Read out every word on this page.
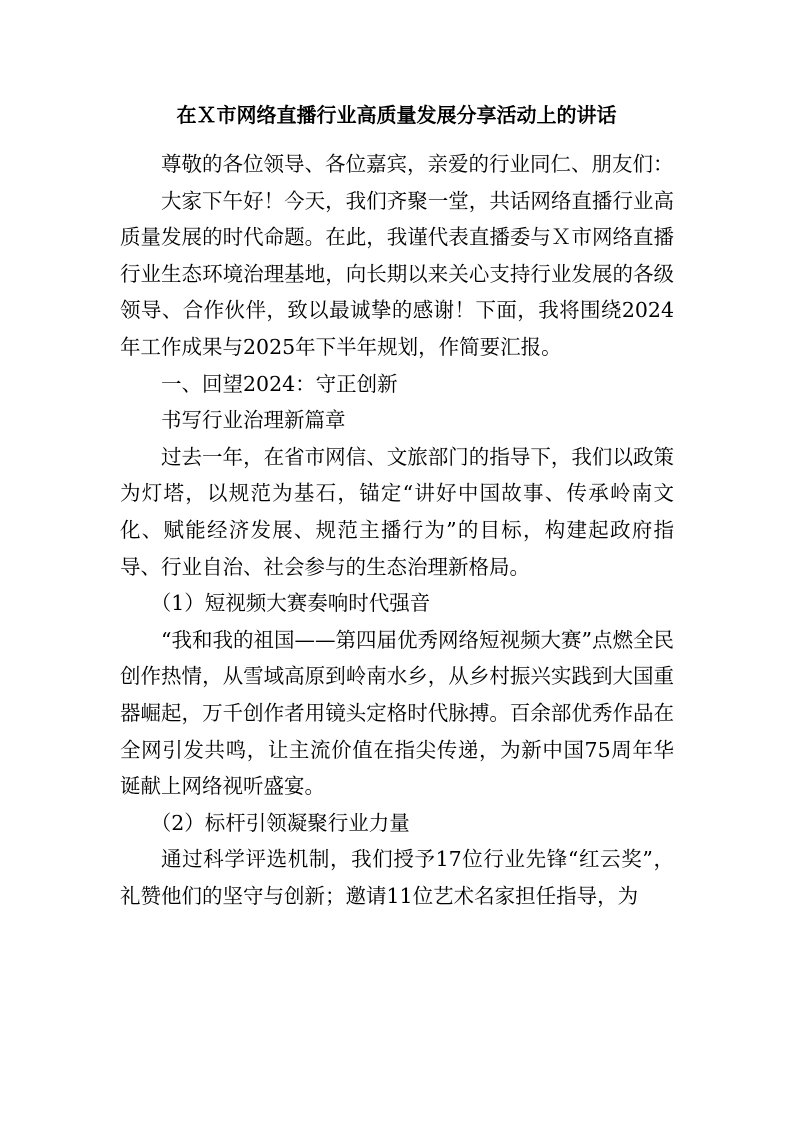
在Ｘ市网络直播行业高质量发展分享活动上的讲话

尊敬的各位领导、各位嘉宾，亲爱的行业同仁、朋友们：

大家下午好！今天，我们齐聚一堂，共话网络直播行业高质量发展的时代命题。在此，我谨代表直播委与Ｘ市网络直播行业生态环境治理基地，向长期以来关心支持行业发展的各级领导、合作伙伴，致以最诚挚的感谢！下面，我将围绕2024年工作成果与2025年下半年规划，作简要汇报。

一、回望2024：守正创新

书写行业治理新篇章

过去一年，在省市网信、文旅部门的指导下，我们以政策为灯塔，以规范为基石，锚定“讲好中国故事、传承岭南文化、赋能经济发展、规范主播行为”的目标，构建起政府指导、行业自治、社会参与的生态治理新格局。

（1）短视频大赛奏响时代强音

“我和我的祖国——第四届优秀网络短视频大赛”点燃全民创作热情，从雪域高原到岭南水乡，从乡村振兴实践到大国重器崛起，万千创作者用镜头定格时代脉搏。百余部优秀作品在全网引发共鸣，让主流价值在指尖传递，为新中国75周年华诞献上网络视听盛宴。

（2）标杆引领凝聚行业力量

通过科学评选机制，我们授予17位行业先锋“红云奖”，礼赞他们的坚守与创新；邀请11位艺术名家担任指导，为
